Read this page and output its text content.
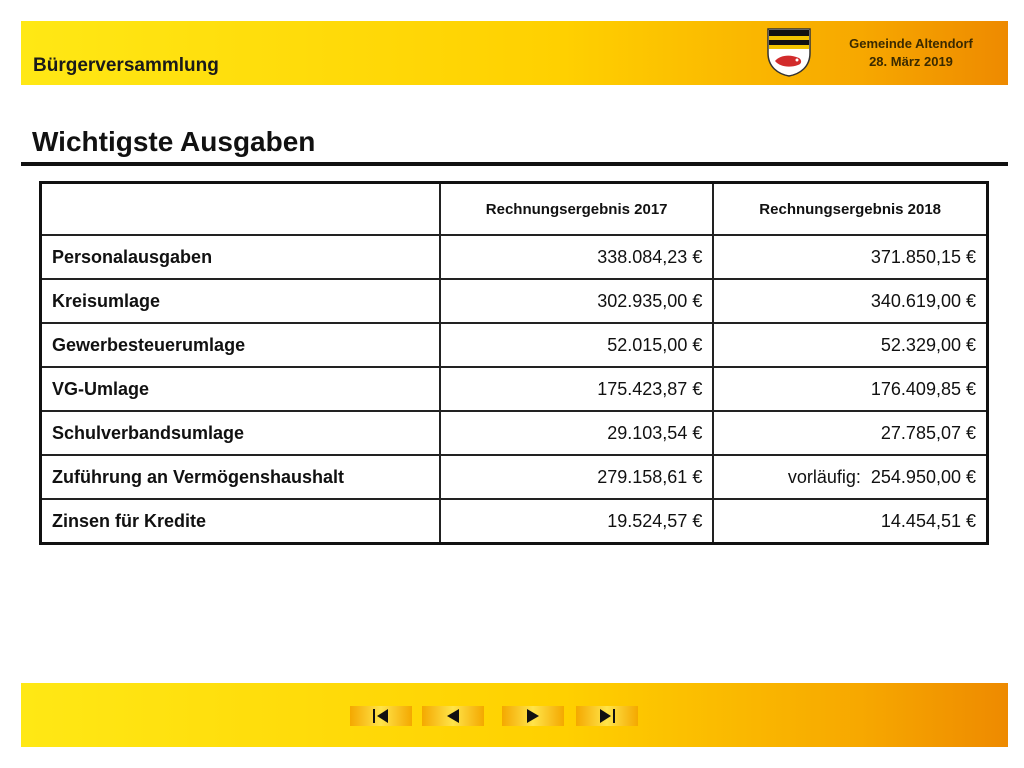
Bürgerversammlung
Gemeinde Altendorf
28. März 2019
Wichtigste Ausgaben
	Rechnungsergebnis 2017	Rechnungsergebnis 2018
Personalausgaben	338.084,23 €	371.850,15 €
Kreisumlage	302.935,00 €	340.619,00 €
Gewerbesteuerumlage	52.015,00 €	52.329,00 €
VG-Umlage	175.423,87 €	176.409,85 €
Schulverbandsumlage	29.103,54 €	27.785,07 €
Zuführung an Vermögenshaushalt	279.158,61 €	vorläufig:  254.950,00 €
Zinsen für Kredite	19.524,57 €	14.454,51 €
